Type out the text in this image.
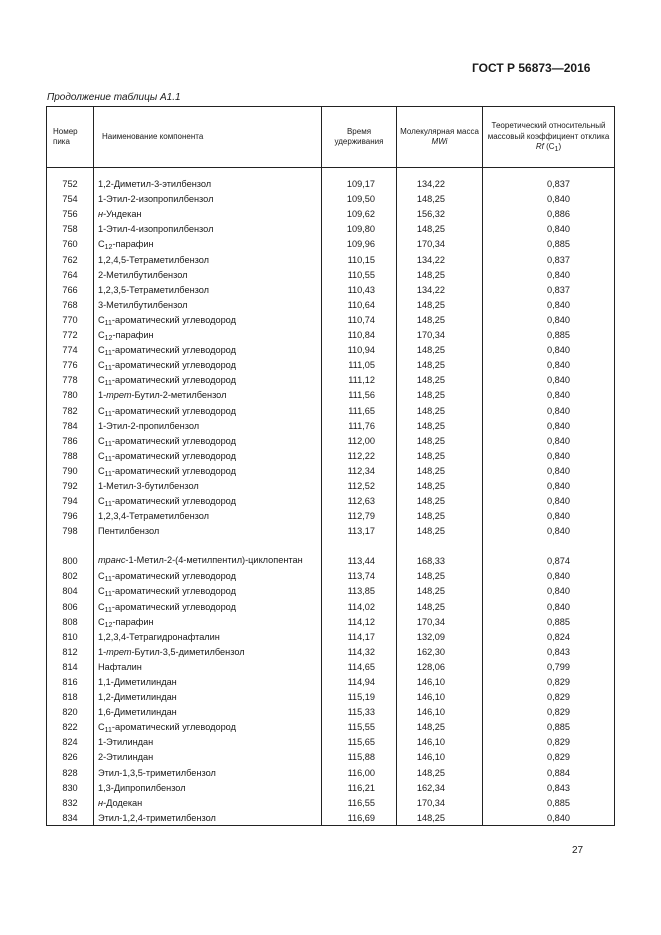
ГОСТ Р 56873—2016
Продолжение таблицы А1.1
Номер пика	Наименование компонента	Время удерживания	Молекулярная масса MWi	Теоретический относительный массовый коэффициент отклика Rf $(C_1)$
752	1,2-Диметил-3-этилбензол	109,17	134,22	0,837
754	1-Этил-2-изопропилбензол	109,50	148,25	0,840
756	н-Ундекан	109,62	156,32	0,886
758	1-Этил-4-изопропилбензол	109,80	148,25	0,840
760	$С_{12}$-парафин	109,96	170,34	0,885
762	1,2,4,5-Тетраметилбензол	110,15	134,22	0,837
764	2-Метилбутилбензол	110,55	148,25	0,840
766	1,2,3,5-Тетраметилбензол	110,43	134,22	0,837
768	3-Метилбутилбензол	110,64	148,25	0,840
770	$С_{11}$-ароматический углеводород	110,74	148,25	0,840
772	$С_{12}$-парафин	110,84	170,34	0,885
774	$С_{11}$-ароматический углеводород	110,94	148,25	0,840
776	$С_{11}$-ароматический углеводород	111,05	148,25	0,840
778	$С_{11}$-ароматический углеводород	111,12	148,25	0,840
780	1-трет-Бутил-2-метилбензол	111,56	148,25	0,840
782	$С_{11}$-ароматический углеводород	111,65	148,25	0,840
784	1-Этил-2-пропилбензол	111,76	148,25	0,840
786	$С_{11}$-ароматический углеводород	112,00	148,25	0,840
788	$С_{11}$-ароматический углеводород	112,22	148,25	0,840
790	$С_{11}$-ароматический углеводород	112,34	148,25	0,840
792	1-Метил-3-бутилбензол	112,52	148,25	0,840
794	$С_{11}$-ароматический углеводород	112,63	148,25	0,840
796	1,2,3,4-Тетраметилбензол	112,79	148,25	0,840
798	Пентилбензол	113,17	148,25	0,840
800	транс-1-Метил-2-(4-метилпентил)-циклопентан	113,44	168,33	0,874
802	$С_{11}$-ароматический углеводород	113,74	148,25	0,840
804	$С_{11}$-ароматический углеводород	113,85	148,25	0,840
806	$С_{11}$-ароматический углеводород	114,02	148,25	0,840
808	$С_{12}$-парафин	114,12	170,34	0,885
810	1,2,3,4-Тетрагидронафталин	114,17	132,09	0,824
812	1-трет-Бутил-3,5-диметилбензол	114,32	162,30	0,843
814	Нафталин	114,65	128,06	0,799
816	1,1-Диметилиндан	114,94	146,10	0,829
818	1,2-Диметилиндан	115,19	146,10	0,829
820	1,6-Диметилиндан	115,33	146,10	0,829
822	$С_{11}$-ароматический углеводород	115,55	148,25	0,885
824	1-Этилиндан	115,65	146,10	0,829
826	2-Этилиндан	115,88	146,10	0,829
828	Этил-1,3,5-триметилбензол	116,00	148,25	0,884
830	1,3-Дипропилбензол	116,21	162,34	0,843
832	н-Додекан	116,55	170,34	0,885
834	Этил-1,2,4-триметилбензол	116,69	148,25	0,840
27
